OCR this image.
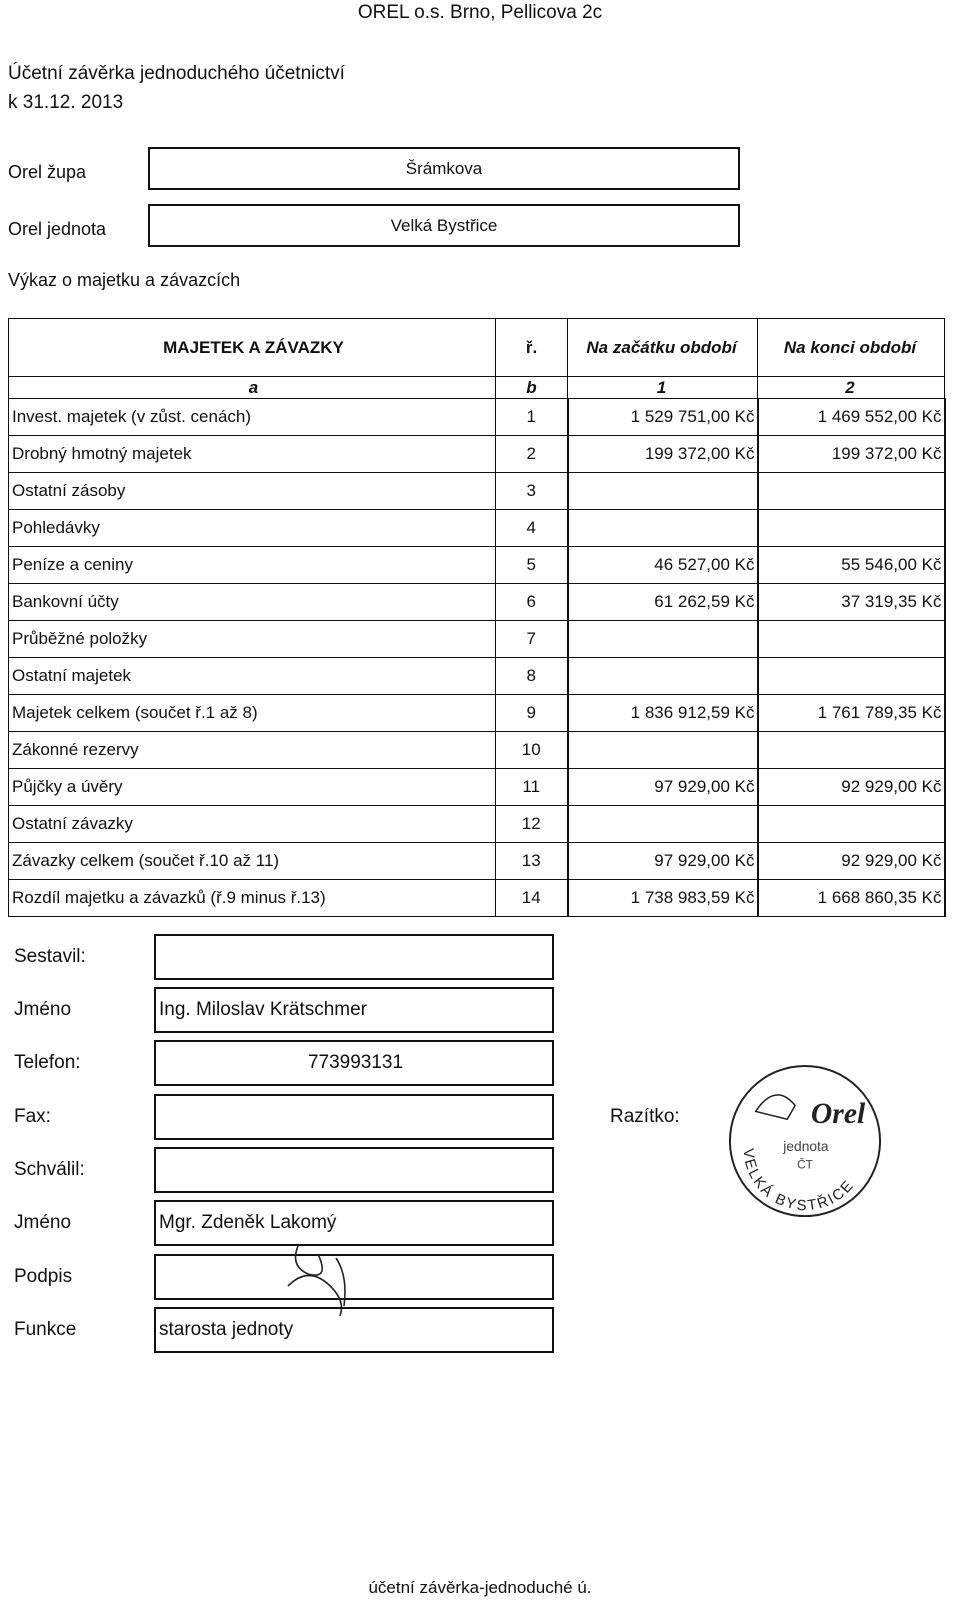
OREL o.s. Brno, Pellicova 2c
Účetní závěrka jednoduchého účetnictví
k 31.12. 2013
Orel župa	Šrámkova
Orel jednota	Velká Bystřice
Výkaz o majetku a závazcích
MAJETEK A ZÁVAZKY	ř.	Na začátku období	Na konci období
a	b	1	2
Invest. majetek (v zůst. cenách)	1	1 529 751,00 Kč	1 469 552,00 Kč
Drobný hmotný majetek	2	199 372,00 Kč	199 372,00 Kč
Ostatní zásoby	3		
Pohledávky	4		
Peníze a ceniny	5	46 527,00 Kč	55 546,00 Kč
Bankovní účty	6	61 262,59 Kč	37 319,35 Kč
Průběžné položky	7		
Ostatní majetek	8		
Majetek celkem (součet ř.1 až 8)	9	1 836 912,59 Kč	1 761 789,35 Kč
Zákonné rezervy	10		
Půjčky a úvěry	11	97 929,00 Kč	92 929,00 Kč
Ostatní závazky	12		
Závazky celkem (součet ř.10 až 11)	13	97 929,00 Kč	92 929,00 Kč
Rozdíl majetku a závazků (ř.9 minus ř.13)	14	1 738 983,59 Kč	1 668 860,35 Kč
Sestavil:
Jméno	Ing. Miloslav Krätschmer
Telefon:	773993131
Fax:
Schválil:
Jméno	Mgr. Zdeněk Lakomý
Podpis
Funkce	starosta jednoty
Razítko:	Orel
jednota
ČT
VELKÁ BYSTŘICE
účetní závěrka-jednoduché ú.
